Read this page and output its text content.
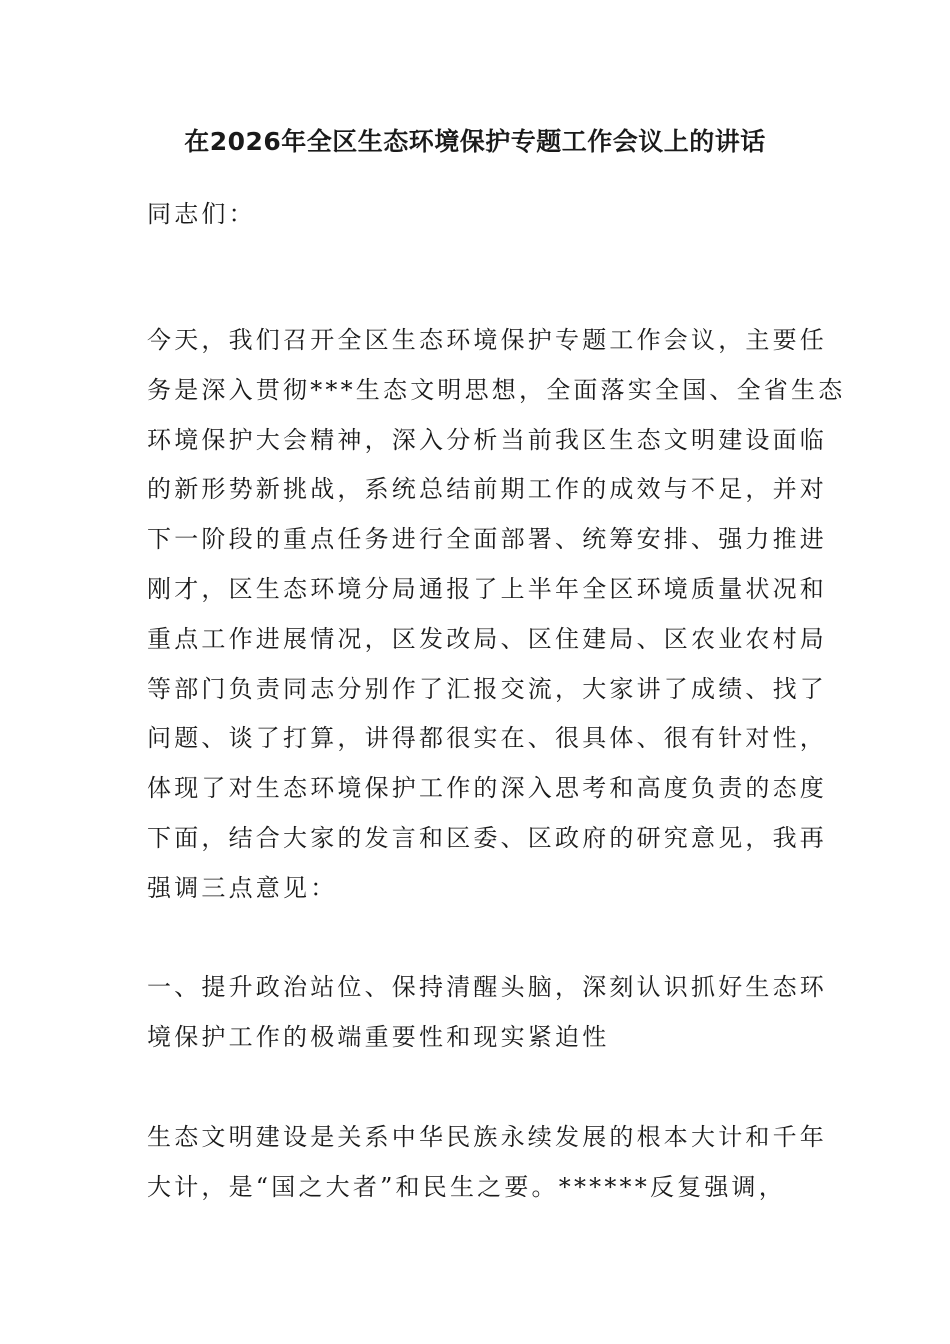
在2026年全区生态环境保护专题工作会议上的讲话
同志们：
今天，我们召开全区生态环境保护专题工作会议，主要任
务是深入贯彻***生态文明思想，全面落实全国、全省生态
环境保护大会精神，深入分析当前我区生态文明建设面临
的新形势新挑战，系统总结前期工作的成效与不足，并对
下一阶段的重点任务进行全面部署、统筹安排、强力推进
刚才，区生态环境分局通报了上半年全区环境质量状况和
重点工作进展情况，区发改局、区住建局、区农业农村局
等部门负责同志分别作了汇报交流，大家讲了成绩、找了
问题、谈了打算，讲得都很实在、很具体、很有针对性，
体现了对生态环境保护工作的深入思考和高度负责的态度
下面，结合大家的发言和区委、区政府的研究意见，我再
强调三点意见：
一、提升政治站位、保持清醒头脑，深刻认识抓好生态环
境保护工作的极端重要性和现实紧迫性
生态文明建设是关系中华民族永续发展的根本大计和千年
大计，是“国之大者”和民生之要。******反复强调，
